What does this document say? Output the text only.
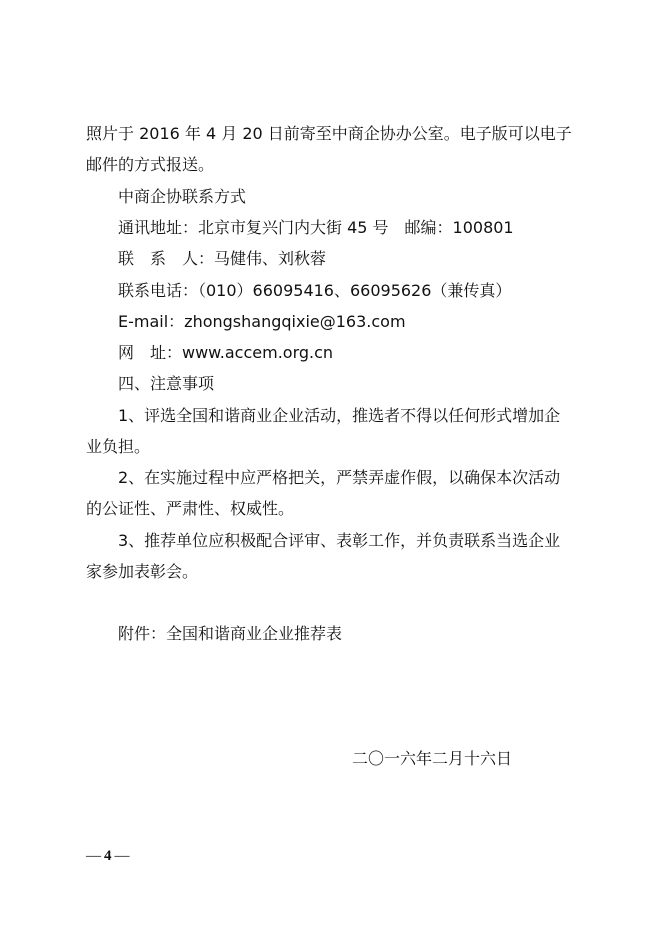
照片于 2016 年 4 月 20 日前寄至中商企协办公室。电子版可以电子
邮件的方式报送。
中商企协联系方式
通讯地址：北京市复兴门内大街 45 号　邮编：100801
联　系　人：马健伟、刘秋蓉
联系电话：（010）66095416、66095626（兼传真）
E-mail：zhongshangqixie@163.com
网　址：www.accem.org.cn
四、注意事项
1、评选全国和谐商业企业活动，推选者不得以任何形式增加企
业负担。
2、在实施过程中应严格把关，严禁弄虚作假，以确保本次活动
的公证性、严肃性、权威性。
3、推荐单位应积极配合评审、表彰工作，并负责联系当选企业
家参加表彰会。
附件：全国和谐商业企业推荐表
二〇一六年二月十六日
— 4 —
